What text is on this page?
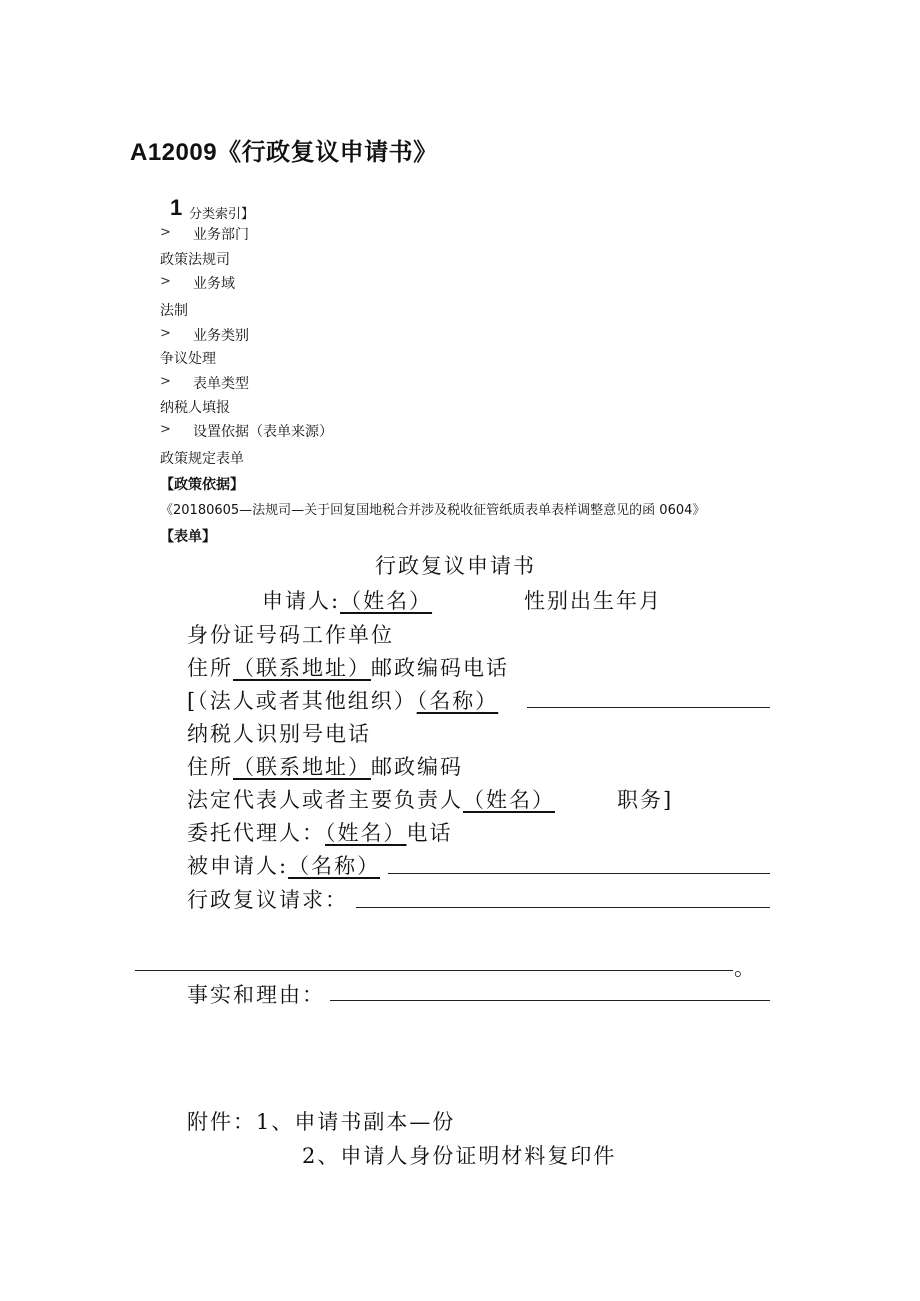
A12009《行政复议申请书》
1 分类索引】
> 业务部门
政策法规司
> 业务域
法制
> 业务类别
争议处理
> 表单类型
纳税人填报
> 设置依据（表单来源）
政策规定表单
【政策依据】
《20180605—法规司—关于回复国地税合并涉及税收征管纸质表单表样调整意见的函 0604》
【表单】
行政复议申请书
申请人:（姓名）	性别出生年月
身份证号码工作单位
住所（联系地址）邮政编码电话
[（法人或者其他组织）（名称）
纳税人识别号电话
住所（联系地址）邮政编码
法定代表人或者主要负责人（姓名）	职务]
委托代理人：（姓名）电话
被申请人:（名称）
行政复议请求：
。
事实和理由：
附件：1、申请书副本—份
2、申请人身份证明材料复印件
